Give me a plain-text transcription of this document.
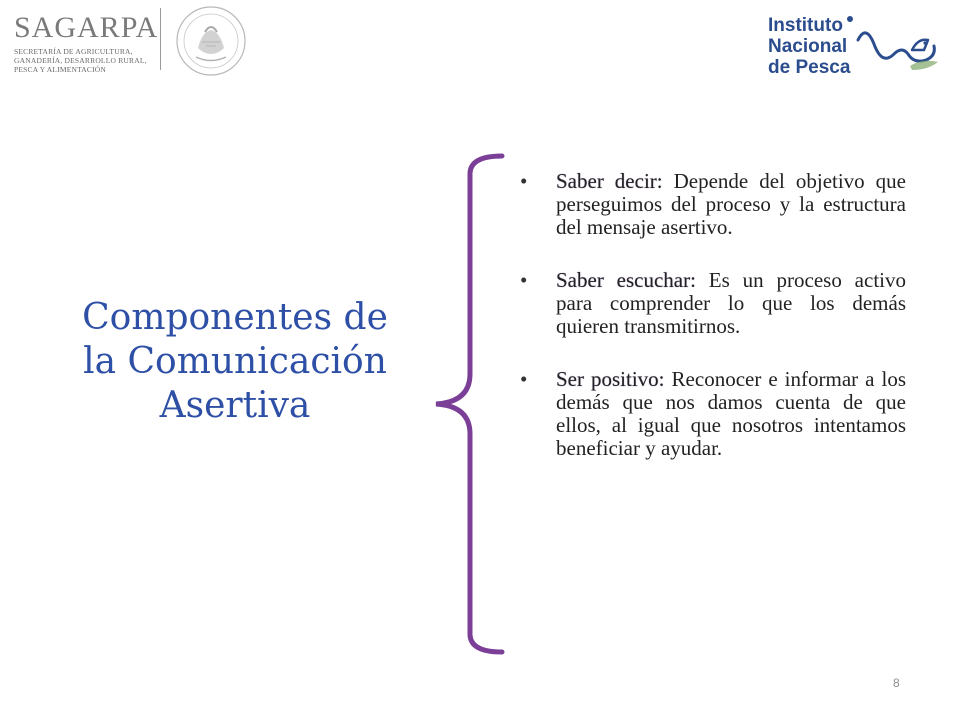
SAGARPA
SECRETARÍA DE AGRICULTURA,
GANADERÍA, DESARROLLO RURAL,
PESCA Y ALIMENTACIÓN
Instituto
Nacional
de Pesca
Componentes de
la Comunicación
Asertiva
•	Saber decir: Depende del objetivo que perseguimos del proceso y la estructura del mensaje asertivo.
•	Saber escuchar: Es un proceso activo para comprender lo que los demás quieren transmitirnos.
•	Ser positivo: Reconocer e informar a los demás que nos damos cuenta de que ellos, al igual que nosotros intentamos beneficiar y ayudar.
8
